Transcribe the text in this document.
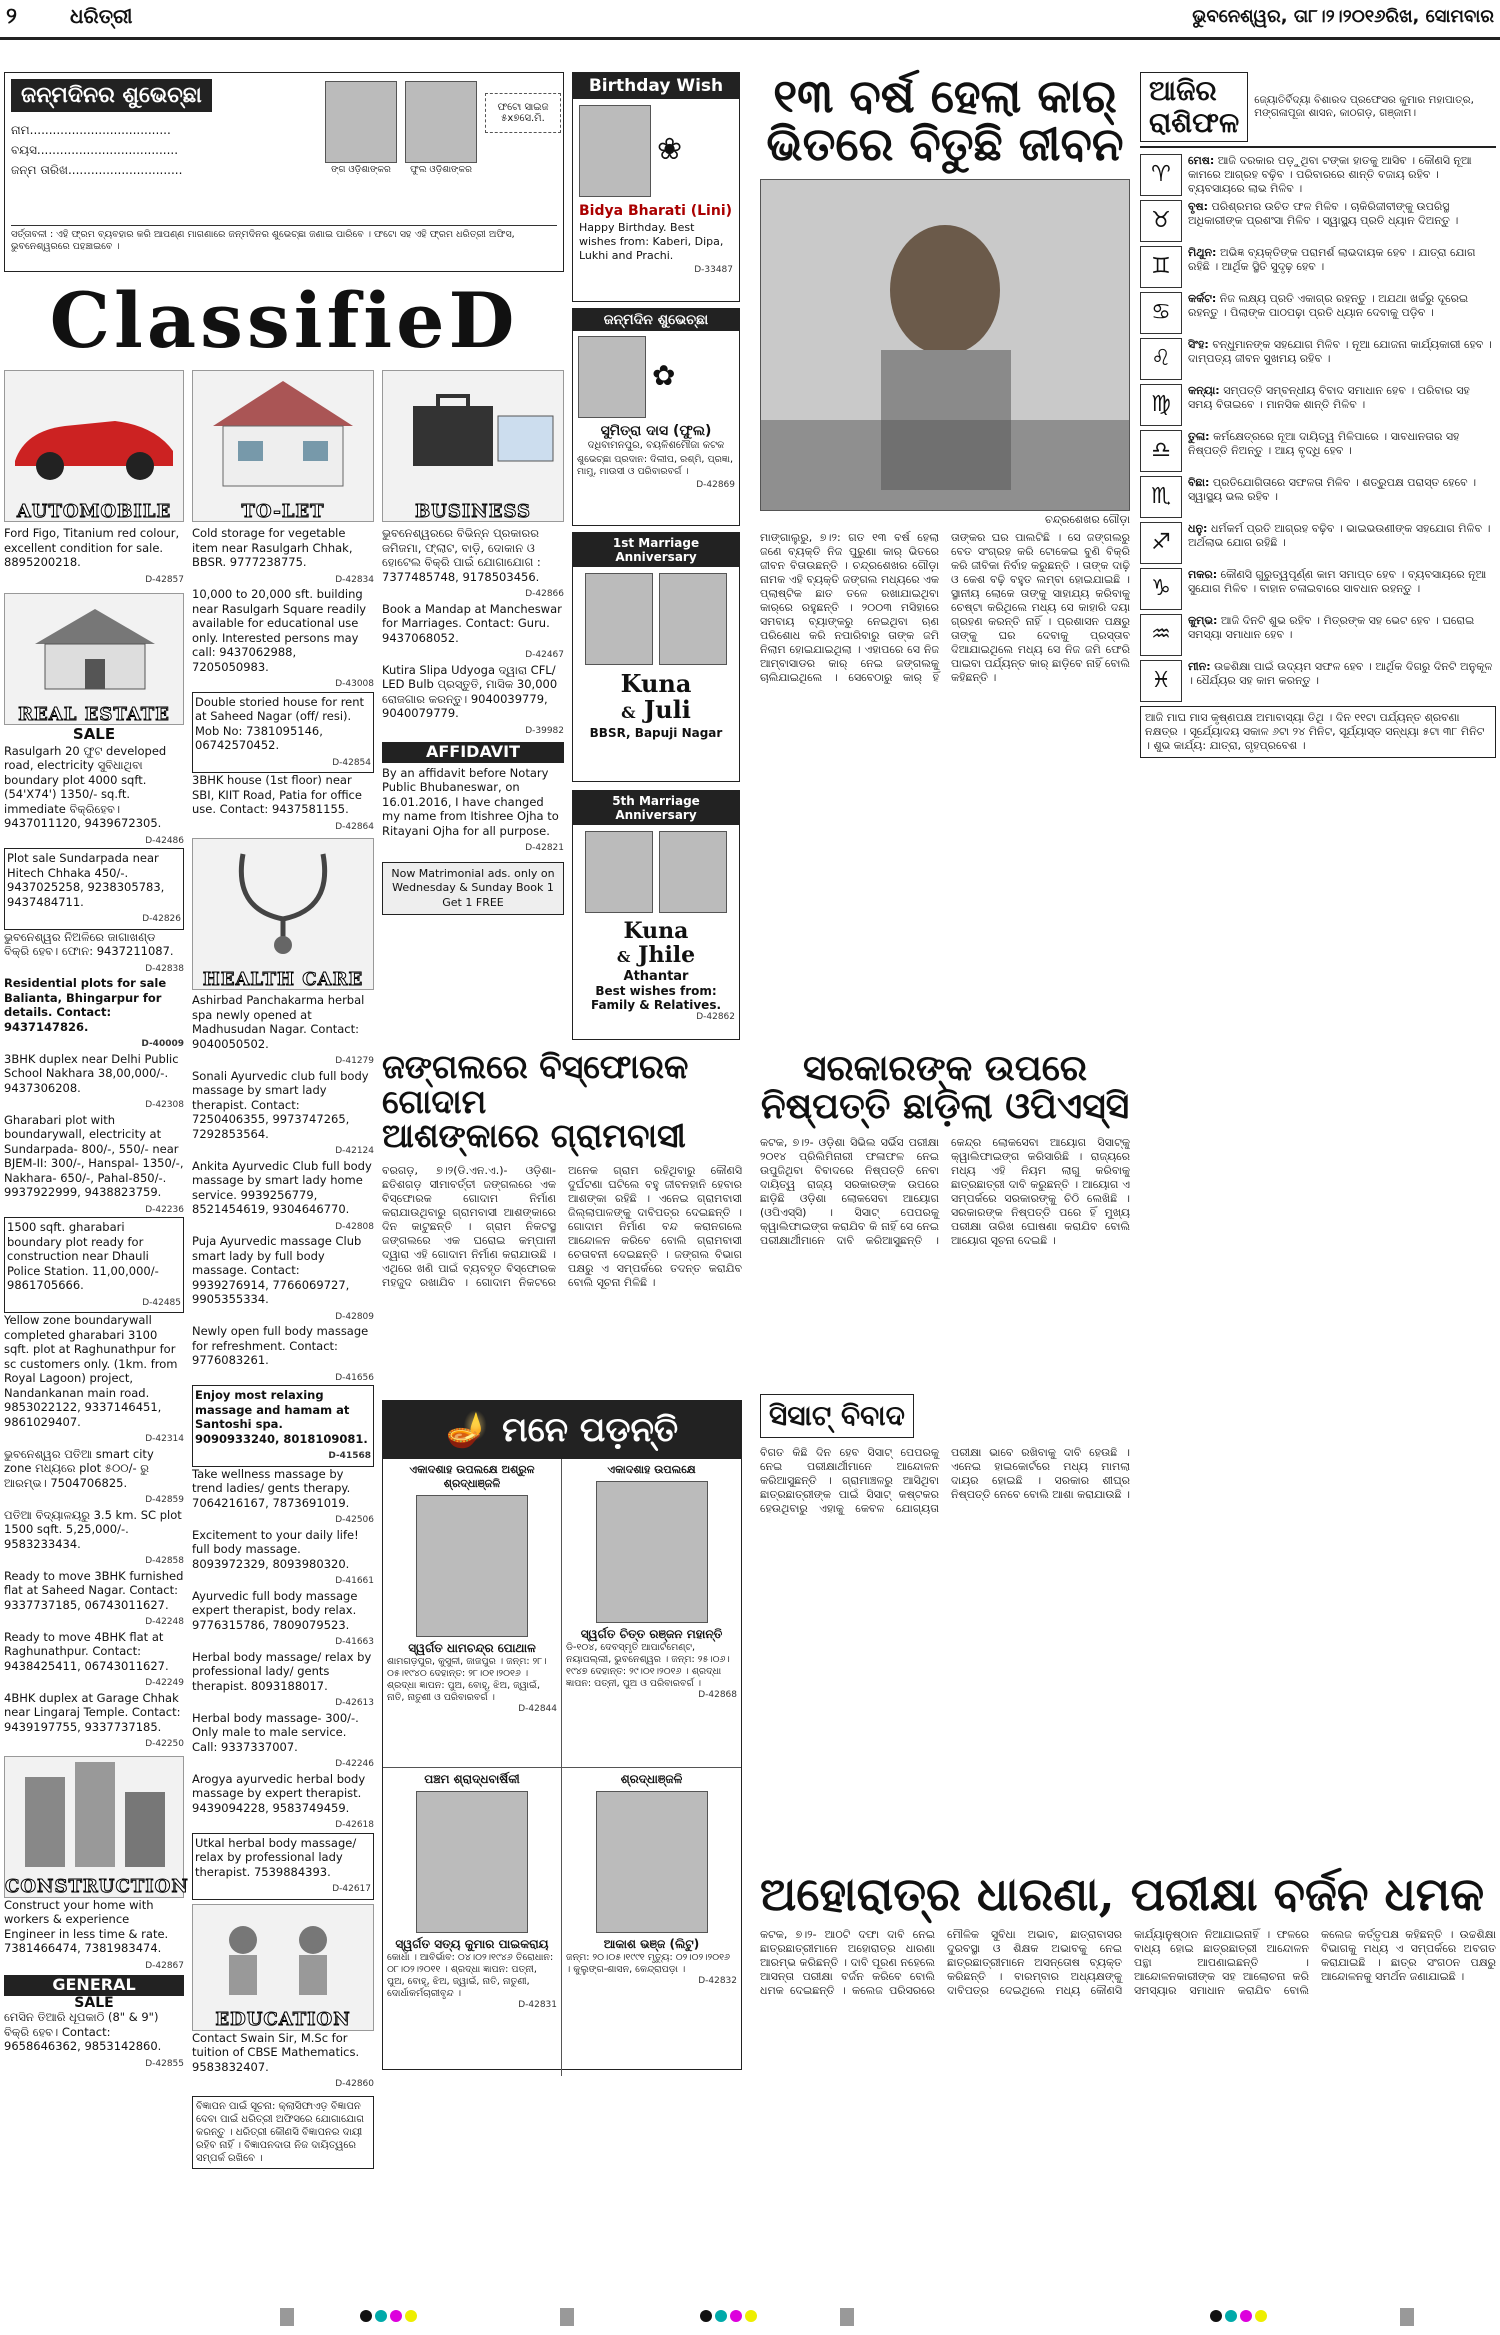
୨	ଧରିତ୍ରୀ	ଭୁବନେଶ୍ୱର, ତା୮।୨।୨୦୧୬ରିଖ, ସୋମବାର
ଜନ୍ମଦିନର ଶୁଭେଚ୍ଛା
ନାମ.....................................
ବୟସ.....................................
ଜନ୍ମ ତାରିଖ..............................	ଙ୍ଗ ଓଡ଼ିଶାଙ୍କର	ଫୁଲ ଓଡ଼ିଶାଙ୍କର
ଫଟୋ ସାଇଜ ୫x୭ସେ.ମି.
ସର୍ତ୍ତାବଳୀ : ଏହି ଫ୍ରମ ବ୍ୟବହାର କରି ଆପଣ୍ଣ ମାଗଣାରେ ଜନ୍ମଦିନର ଶୁଭେଚ୍ଛା ଜଣାଇ ପାରିବେ । ଫଟୋ ସହ ଏହି ଫ୍ରମ ଧରିତ୍ରୀ ଅଫିସ, ଭୁବନେଶ୍ୱରରେ ପହଞ୍ଚାଇବେ ।
ClassifieD
AUTOMOBILE

Ford Figo, Titanium red colour, excellent condition for sale. 8895200218.

D-42857
REAL ESTATE
SALE

Rasulgarh 20 ଫୁଟ developed road, electricity ସୁବିଧାଥିବା boundary plot 4000 sqft. (54'X74') 1350/- sq.ft. immediate ବିକ୍ରିହେବ। 9437011120, 9439672305.

D-42486

Plot sale Sundarpada near Hitech Chhaka 450/-. 9437025258, 9238305783, 9437484711.

D-42826

ଭୁବନେଶ୍ୱର ନିଅଳିରେ ଜାଗାଖଣ୍ଡ ବିକ୍ରି ହେବ। ଫୋନ: 9437211087.

D-42838

Residential plots for sale Balianta, Bhingarpur for details. Contact: 9437147826.

D-40009

3BHK duplex near Delhi Public School Nakhara 38,00,000/-. 9437306208.

D-42308

Gharabari plot with boundarywall, electricity at Sundarpada- 800/-, 550/- near BJEM-II: 300/-, Hanspal- 1350/-, Nakhara- 650/-, Pahal-850/-. 9937922999, 9438823759.

D-42236

1500 sqft. gharabari boundary plot ready for construction near Dhauli Police Station. 11,00,000/- 9861705666.

D-42485

Yellow zone boundarywall completed gharabari 3100 sqft. plot at Raghunathpur for sc customers only. (1km. from Royal Lagoon) project, Nandankanan main road. 9853022122, 9337146451, 9861029407.

D-42314

ଭୁବନେଶ୍ୱର ପତିଆ smart city zone ମଧ୍ୟରେ plot ୫୦୦/- ରୁ ଆରମ୍ଭ। 7504706825.

D-42859

ପତିଆ ବିଦ୍ୟାଳୟରୁ 3.5 km. SC plot 1500 sqft. 5,25,000/-. 9583233434.

D-42858

Ready to move 3BHK furnished flat at Saheed Nagar. Contact: 9337737185, 06743011627.

D-42248

Ready to move 4BHK flat at Raghunathpur. Contact: 9438425411, 06743011627.

D-42249

4BHK duplex at Garage Chhak near Lingaraj Temple. Contact: 9439197755, 9337737185.

D-42250
CONSTRUCTION

Construct your home with workers & experience Engineer in less time & rate. 7381466474, 7381983474.

D-42867
GENERAL
SALE

ମେସିନ ତିଆରି ଧୂପକାଠି (8" & 9") ବିକ୍ରି ହେବ। Contact: 9658646362, 9853142860.

D-42855
TO-LET

Cold storage for vegetable item near Rasulgarh Chhak, BBSR. 9777238775.

D-42834

10,000 to 20,000 sft. building near Rasulgarh Square readily available for educational use only. Interested persons may call: 9437062988, 7205050983.

D-43008

Double storied house for rent at Saheed Nagar (off/ resi). Mob No: 7381095146, 06742570452.

D-42854

3BHK house (1st floor) near SBI, KIIT Road, Patia for office use. Contact: 9437581155.

D-42864
HEALTH CARE

Ashirbad Panchakarma herbal spa newly opened at Madhusudan Nagar. Contact: 9040050502.

D-41279

Sonali Ayurvedic club full body massage by smart lady therapist. Contact: 7250406355, 9973747265, 7292853564.

D-42124

Ankita Ayurvedic Club full body massage by smart lady home service. 9939256779, 8521454619, 9304646770.

D-42808

Puja Ayurvedic massage Club smart lady by full body massage. Contact: 9939276914, 7766069727, 9905355334.

D-42809

Newly open full body massage for refreshment. Contact: 9776083261.

D-41656

Enjoy most relaxing massage and hamam at Santoshi spa. 9090933240, 8018109081.

D-41568

Take wellness massage by trend ladies/ gents therapy. 7064216167, 7873691019.

D-42506

Excitement to your daily life! full body massage. 8093972329, 8093980320.

D-41661

Ayurvedic full body massage expert therapist, body relax. 9776315786, 7809079523.

D-41663

Herbal body massage/ relax by professional lady/ gents therapist. 8093188017.

D-42613

Herbal body massage- 300/-. Only male to male service. Call: 9337337007.

D-42246

Arogya ayurvedic herbal body massage by expert therapist. 9439094228, 9583749459.

D-42618

Utkal herbal body massage/ relax by professional lady therapist. 7539884393.

D-42617
EDUCATION

Contact Swain Sir, M.Sc for tuition of CBSE Mathematics. 9583832407.

D-42860
ବିଜ୍ଞାପନ ପାଇଁ ସୂଚନା: କ୍ଲାସିଫାଏଡ଼ ବିଜ୍ଞାପନ ଦେବା ପାଇଁ ଧରିତ୍ରୀ ଅଫିସରେ ଯୋଗାଯୋଗ କରନ୍ତୁ । ଧରିତ୍ରୀ କୌଣସି ବିଜ୍ଞାପନର ଦାୟୀ ରହିବ ନାହିଁ । ବିଜ୍ଞାପନଦାତା ନିଜ ଦାୟିତ୍ୱରେ ସମ୍ପର୍କ ରଖିବେ ।
BUSINESS

ଭୁବନେଶ୍ୱରରେ ବିଭିନ୍ନ ପ୍ରକାରର ଜମିଜମା, ଫ୍ଲାଟ, ବାଡ଼ି, ଦୋକାନ ଓ ହୋଟେଲ ବିକ୍ରି ପାଇଁ ଯୋଗାଯୋଗ : 7377485748, 9178503456.

D-42866

Book a Mandap at Mancheswar for Marriages. Contact: Guru. 9437068052.

D-42467

Kutira Slipa Udyoga ଦ୍ୱାରା CFL/ LED Bulb ପ୍ରସ୍ତୁତି, ମାସିକ 30,000 ରୋଜଗାର କରନ୍ତୁ। 9040039779, 9040079779.

D-39982
AFFIDAVIT

By an affidavit before Notary Public Bhubaneswar, on 16.01.2016, I have changed my name from Itishree Ojha to Ritayani Ojha for all purpose.

D-42821
Now Matrimonial ads. only on Wednesday & Sunday Book 1 Get 1 FREE
Birthday Wish
❀
Bidya Bharati (Lini)
Happy Birthday. Best wishes from: Kaberi, Dipa, Lukhi and Prachi.
D-33487
ଜନ୍ମଦିନ ଶୁଭେଚ୍ଛା
✿
ସୁମିତ୍ରା ଦାସ (ଫୁଲ)
ଦଧିବାମନପୁର, ବୟଳିଶମୌଜା କଟକ
ଶୁଭେଚ୍ଛା ପ୍ରଦାନ: ଦିଲୀପ, ରଶ୍ମି, ପ୍ରଜ୍ଞା, ମାମୁ, ମାଉସୀ ଓ ପରିବାରବର୍ଗ ।
D-42869
1st Marriage Anniversary
Kuna
& Juli
BBSR, Bapuji Nagar
5th Marriage Anniversary
Kuna
& Jhile
Athantar
Best wishes from: Family & Relatives.
D-42862
୧୩ ବର୍ଷ ହେଲା କାର୍ ଭିତରେ ବିତୁଛି ଜୀବନ
ଚନ୍ଦ୍ରଶେଖର ଗୌଡ଼ା
ମାଙ୍ଗାଲୁରୁ, ୭।୨: ଗତ ୧୩ ବର୍ଷ ହେଲା ଜଣେ ବ୍ୟକ୍ତି ନିଜ ପୁରୁଣା କାର୍ ଭିତରେ ଜୀବନ ବିତାଉଛନ୍ତି । ଚନ୍ଦ୍ରଶେଖର ଗୌଡ଼ା ନାମକ ଏହି ବ୍ୟକ୍ତି ଜଙ୍ଗଲ ମଧ୍ୟରେ ଏକ ପ୍ଲାଷ୍ଟିକ ଛାତ ତଳେ ରଖାଯାଇଥିବା କାର୍‌ରେ ରହୁଛନ୍ତି । ୨୦୦୩ ମସିହାରେ ସମବାୟ ବ୍ୟାଙ୍କରୁ ନେଇଥିବା ଋଣ ପରିଶୋଧ କରି ନପାରିବାରୁ ତାଙ୍କ ଜମି ନିଲାମ ହୋଇଯାଇଥିଲା । ଏହାପରେ ସେ ନିଜ ଆମ୍ବାସାଡର କାର୍ ନେଇ ଜଙ୍ଗଲକୁ ଚାଲିଯାଇଥିଲେ । ସେବେଠାରୁ କାର୍ ହିଁ ତାଙ୍କର ଘର ପାଲଟିଛି । ସେ ଜଙ୍ଗଲରୁ ବେତ ସଂଗ୍ରହ କରି ଟୋକେଇ ବୁଣି ବିକ୍ରି କରି ଜୀବିକା ନିର୍ବାହ କରୁଛନ୍ତି । ତାଙ୍କ ଦାଢ଼ି ଓ କେଶ ବଢ଼ି ବହୁତ ଲମ୍ବା ହୋଇଯାଇଛି । ସ୍ଥାନୀୟ ଲୋକେ ତାଙ୍କୁ ସାହାଯ୍ୟ କରିବାକୁ ଚେଷ୍ଟା କରିଥିଲେ ମଧ୍ୟ ସେ କାହାରି ଦୟା ଗ୍ରହଣ କରନ୍ତି ନାହିଁ । ପ୍ରଶାସନ ପକ୍ଷରୁ ତାଙ୍କୁ ଘର ଦେବାକୁ ପ୍ରସ୍ତାବ ଦିଆଯାଇଥିଲେ ମଧ୍ୟ ସେ ନିଜ ଜମି ଫେରି ପାଇବା ପର୍ଯ୍ୟନ୍ତ କାର୍ ଛାଡ଼ିବେ ନାହିଁ ବୋଲି କହିଛନ୍ତି ।
ଆଜିର ରାଶିଫଳ
ଜ୍ୟୋତିର୍ବିଦ୍ୟା ବିଶାରଦ ପ୍ରଫେସର କୁମାର ମହାପାତ୍ର, ମଙ୍ଗଳାପୂଜା ଶାସନ, କାଠଗଡ଼, ଗଞ୍ଜାମ।
♈
ମେଷ: ଆଜି ଦରକାର ପଡ଼ୁଥିବା ଟଙ୍କା ହାତକୁ ଆସିବ । କୌଣସି ନୂଆ କାମରେ ଆଗ୍ରହ ବଢ଼ିବ । ପରିବାରରେ ଶାନ୍ତି ବଜାୟ ରହିବ । ବ୍ୟବସାୟରେ ଲାଭ ମିଳିବ ।
♉
ବୃଷ: ପରିଶ୍ରମର ଉଚିତ ଫଳ ମିଳିବ । ଚାକିରିଜୀବୀଙ୍କୁ ଉପରିସ୍ଥ ଅଧିକାରୀଙ୍କ ପ୍ରଶଂସା ମିଳିବ । ସ୍ୱାସ୍ଥ୍ୟ ପ୍ରତି ଧ୍ୟାନ ଦିଅନ୍ତୁ ।
♊
ମିଥୁନ: ଅଭିଜ୍ଞ ବ୍ୟକ୍ତିଙ୍କ ପରାମର୍ଶ ଲାଭଦାୟକ ହେବ । ଯାତ୍ରା ଯୋଗ ରହିଛି । ଆର୍ଥିକ ସ୍ଥିତି ସୁଦୃଢ଼ ହେବ ।
♋
କର୍କଟ: ନିଜ ଲକ୍ଷ୍ୟ ପ୍ରତି ଏକାଗ୍ର ରହନ୍ତୁ । ଅଯଥା ଖର୍ଚ୍ଚରୁ ଦୂରେଇ ରହନ୍ତୁ । ପିଲାଙ୍କ ପାଠପଢ଼ା ପ୍ରତି ଧ୍ୟାନ ଦେବାକୁ ପଡ଼ିବ ।
♌
ସିଂହ: ବନ୍ଧୁମାନଙ୍କ ସହଯୋଗ ମିଳିବ । ନୂଆ ଯୋଜନା କାର୍ଯ୍ୟକାରୀ ହେବ । ଦାମ୍ପତ୍ୟ ଜୀବନ ସୁଖମୟ ରହିବ ।
♍
କନ୍ୟା: ସମ୍ପତ୍ତି ସମ୍ବନ୍ଧୀୟ ବିବାଦ ସମାଧାନ ହେବ । ପରିବାର ସହ ସମୟ ବିତାଇବେ । ମାନସିକ ଶାନ୍ତି ମିଳିବ ।
♎
ତୁଳା: କର୍ମକ୍ଷେତ୍ରରେ ନୂଆ ଦାୟିତ୍ୱ ମିଳିପାରେ । ସାବଧାନତାର ସହ ନିଷ୍ପତ୍ତି ନିଅନ୍ତୁ । ଆୟ ବୃଦ୍ଧି ହେବ ।
♏
ବିଛା: ପ୍ରତିଯୋଗିତାରେ ସଫଳତା ମିଳିବ । ଶତ୍ରୁପକ୍ଷ ପରାସ୍ତ ହେବେ । ସ୍ୱାସ୍ଥ୍ୟ ଭଲ ରହିବ ।
♐
ଧନୁ: ଧର୍ମକର୍ମ ପ୍ରତି ଆଗ୍ରହ ବଢ଼ିବ । ଭାଇଭଉଣୀଙ୍କ ସହଯୋଗ ମିଳିବ । ଅର୍ଥଲାଭ ଯୋଗ ରହିଛି ।
♑
ମକର: କୌଣସି ଗୁରୁତ୍ୱପୂର୍ଣ୍ଣ କାମ ସମାପ୍ତ ହେବ । ବ୍ୟବସାୟରେ ନୂଆ ସୁଯୋଗ ମିଳିବ । ବାହାନ ଚଳାଇବାରେ ସାବଧାନ ରହନ୍ତୁ ।
♒
କୁମ୍ଭ: ଆଜି ଦିନଟି ଶୁଭ ରହିବ । ମିତ୍ରଙ୍କ ସହ ଭେଟ ହେବ । ଘରୋଇ ସମସ୍ୟା ସମାଧାନ ହେବ ।
♓
ମୀନ: ଉଚ୍ଚଶିକ୍ଷା ପାଇଁ ଉଦ୍ୟମ ସଫଳ ହେବ । ଆର୍ଥିକ ଦିଗରୁ ଦିନଟି ଅନୁକୂଳ । ଧୈର୍ଯ୍ୟର ସହ କାମ କରନ୍ତୁ ।
ଆଜି ମାଘ ମାସ କୃଷ୍ଣପକ୍ଷ ଅମାବାସ୍ୟା ତିଥି । ଦିନ ୧୧ଟା ପର୍ଯ୍ୟନ୍ତ ଶ୍ରବଣା ନକ୍ଷତ୍ର । ସୂର୍ଯ୍ୟୋଦୟ ସକାଳ ୬ଟା ୨୪ ମିନିଟ, ସୂର୍ଯ୍ୟାସ୍ତ ସନ୍ଧ୍ୟା ୫ଟା ୩୮ ମିନିଟ । ଶୁଭ କାର୍ଯ୍ୟ: ଯାତ୍ରା, ଗୃହପ୍ରବେଶ ।
ଜଙ୍ଗଲରେ ବିସ୍ଫୋରକ ଗୋଦାମ
ଆଶଙ୍କାରେ ଗ୍ରାମବାସୀ
ବରଗଡ଼, ୭।୨(ଡି.ଏନ.ଏ.)- ଓଡ଼ିଶା-ଛତିଶଗଡ଼ ସୀମାବର୍ତ୍ତୀ ଜଙ୍ଗଲରେ ଏକ ବିସ୍ଫୋରକ ଗୋଦାମ ନିର୍ମାଣ କରାଯାଉଥିବାରୁ ଗ୍ରାମବାସୀ ଆଶଙ୍କାରେ ଦିନ କାଟୁଛନ୍ତି । ଗ୍ରାମ ନିକଟସ୍ଥ ଜଙ୍ଗଲରେ ଏକ ଘରୋଇ କମ୍ପାନୀ ଦ୍ୱାରା ଏହି ଗୋଦାମ ନିର୍ମାଣ କରାଯାଉଛି । ଏଥିରେ ଖଣି ପାଇଁ ବ୍ୟବହୃତ ବିସ୍ଫୋରକ ମହଜୁଦ ରଖାଯିବ । ଗୋଦାମ ନିକଟରେ ଅନେକ ଗ୍ରାମ ରହିଥିବାରୁ କୌଣସି ଦୁର୍ଘଟଣା ଘଟିଲେ ବହୁ ଜୀବନହାନି ହେବାର ଆଶଙ୍କା ରହିଛି । ଏନେଇ ଗ୍ରାମବାସୀ ଜିଲ୍ଲାପାଳଙ୍କୁ ଦାବିପତ୍ର ଦେଇଛନ୍ତି । ଗୋଦାମ ନିର୍ମାଣ ବନ୍ଦ କରାନଗଲେ ଆନ୍ଦୋଳନ କରିବେ ବୋଲି ଗ୍ରାମବାସୀ ଚେତାବନୀ ଦେଇଛନ୍ତି । ଜଙ୍ଗଲ ବିଭାଗ ପକ୍ଷରୁ ଏ ସମ୍ପର୍କରେ ତଦନ୍ତ କରାଯିବ ବୋଲି ସୂଚନା ମିଳିଛି ।
ସରକାରଙ୍କ ଉପରେ
ନିଷ୍ପତ୍ତି ଛାଡ଼ିଲା ଓପିଏସ୍‌ସି
କଟକ, ୭।୨- ଓଡ଼ିଶା ସିଭିଲ ସର୍ଭିସ ପରୀକ୍ଷା ୨୦୧୪ ପ୍ରିଲିମିନାରୀ ଫଳାଫଳ ନେଇ ଉପୁଜିଥିବା ବିବାଦରେ ନିଷ୍ପତ୍ତି ନେବା ଦାୟିତ୍ୱ ରାଜ୍ୟ ସରକାରଙ୍କ ଉପରେ ଛାଡ଼ିଛି ଓଡ଼ିଶା ଲୋକସେବା ଆୟୋଗ (ଓପିଏସ୍‌ସି) । ସିସାଟ୍ ପେପରକୁ କ୍ୱାଲିଫାଇଙ୍ଗ କରାଯିବ କି ନାହିଁ ସେ ନେଇ ପରୀକ୍ଷାର୍ଥୀମାନେ ଦାବି କରିଆସୁଛନ୍ତି । କେନ୍ଦ୍ର ଲୋକସେବା ଆୟୋଗ ସିସାଟ୍‌କୁ କ୍ୱାଲିଫାଇଙ୍ଗ କରିସାରିଛି । ରାଜ୍ୟରେ ମଧ୍ୟ ଏହି ନିୟମ ଲାଗୁ କରିବାକୁ ଛାତ୍ରଛାତ୍ରୀ ଦାବି କରୁଛନ୍ତି । ଆୟୋଗ ଏ ସମ୍ପର୍କରେ ସରକାରଙ୍କୁ ଚିଠି ଲେଖିଛି । ସରକାରଙ୍କ ନିଷ୍ପତ୍ତି ପରେ ହିଁ ମୁଖ୍ୟ ପରୀକ୍ଷା ତାରିଖ ଘୋଷଣା କରାଯିବ ବୋଲି ଆୟୋଗ ସୂଚନା ଦେଇଛି ।
ସିସାଟ୍ ବିବାଦ
ବିଗତ କିଛି ଦିନ ହେବ ସିସାଟ୍ ପେପରକୁ ନେଇ ପରୀକ୍ଷାର୍ଥୀମାନେ ଆନ୍ଦୋଳନ କରିଆସୁଛନ୍ତି । ଗ୍ରାମାଞ୍ଚଳରୁ ଆସିଥିବା ଛାତ୍ରଛାତ୍ରୀଙ୍କ ପାଇଁ ସିସାଟ୍ କଷ୍ଟକର ହେଉଥିବାରୁ ଏହାକୁ କେବଳ ଯୋଗ୍ୟତା ପରୀକ୍ଷା ଭାବେ ରଖିବାକୁ ଦାବି ହେଉଛି । ଏନେଇ ହାଇକୋର୍ଟରେ ମଧ୍ୟ ମାମଲା ଦାୟର ହୋଇଛି । ସରକାର ଶୀଘ୍ର ନିଷ୍ପତ୍ତି ନେବେ ବୋଲି ଆଶା କରାଯାଉଛି ।
🪔 ମନେ ପଡ଼ନ୍ତି
ଏକାଦଶାହ ଉପଲକ୍ଷେ ଅଶ୍ରୁଳ ଶ୍ରଦ୍ଧାଞ୍ଜଳି
ସ୍ୱର୍ଗତ ଧାମଚନ୍ଦ୍ର ପୋଥାଳ
ଶାମଗଡ଼ପୁର, କୁସୁଳୀ, ଜାଜପୁର । ଜନ୍ମ: ୨୮।୦୫।୧୯୪୦ ଦେହାନ୍ତ: ୨୮।୦୧।୨୦୧୬ । ଶ୍ରଦ୍ଧା ଜ୍ଞାପନ: ପୁଅ, ବୋହୂ, ଝିଅ, ଜ୍ୱାଇଁ, ନାତି, ନାତୁଣୀ ଓ ପରିବାରବର୍ଗ ।
D-42844
ଏକାଦଶାହ ଉପଲକ୍ଷେ
ସ୍ୱର୍ଗତ ଚିତ୍ତ ରଞ୍ଜନ ମହାନ୍ତି
ଡି-୧୦୪, ଦେବସ୍ମୃତି ଆପାର୍ଟମେଣ୍ଟ, ନୟାପଲ୍ଲୀ, ଭୁବନେଶ୍ୱର । ଜନ୍ମ: ୨୫।୦୬।୧୯୪୭ ଦେହାନ୍ତ: ୨୯।୦୧।୨୦୧୬ । ଶ୍ରଦ୍ଧା ଜ୍ଞାପନ: ପତ୍ନୀ, ପୁଅ ଓ ପରିବାରବର୍ଗ ।
D-42868
ପଞ୍ଚମ ଶ୍ରାଦ୍ଧବାର୍ଷିକୀ
ସ୍ୱର୍ଗତ ସତ୍ୟ କୁମାର ପାଇକରାୟ
କୋର୍ଧା । ଆବିର୍ଭାବ: ୦୪।୦୨।୧୯୪୬ ତିରୋଧାନ: ୦୮।୦୨।୨୦୧୧ । ଶ୍ରଦ୍ଧା ଜ୍ଞାପନ: ପତ୍ନୀ, ପୁଅ, ବୋହୂ, ଝିଅ, ଜ୍ୱାଇଁ, ନାତି, ନାତୁଣୀ, ଦୋର୍ଧାକର୍ମଚାରୀବୃନ୍ଦ ।
D-42831
ଶ୍ରଦ୍ଧାଞ୍ଜଳି
ଆକାଶ ଭଞ୍ଜ (ଲିଟୁ)
ଜନ୍ମ: ୨୦।୦୫।୧୯୯୧ ମୃତ୍ୟୁ: ୦୨।୦୨।୨୦୧୬ । କୁଲୁଙ୍ଗ-ଶାସନ, କେନ୍ଦ୍ରାପଡ଼ା ।
D-42832
ଅହୋରାତ୍ର ଧାରଣା, ପରୀକ୍ଷା ବର୍ଜନ ଧମକ
କଟକ, ୭।୨- ଆଠଟି ଦଫା ଦାବି ନେଇ ଛାତ୍ରଛାତ୍ରୀମାନେ ଅହୋରାତ୍ର ଧାରଣା ଆରମ୍ଭ କରିଛନ୍ତି । ଦାବି ପୂରଣ ନହେଲେ ଆସନ୍ତା ପରୀକ୍ଷା ବର୍ଜନ କରିବେ ବୋଲି ଧମକ ଦେଇଛନ୍ତି । କଲେଜ ପରିସରରେ ମୌଳିକ ସୁବିଧା ଅଭାବ, ଛାତ୍ରାବାସର ଦୁରବସ୍ଥା ଓ ଶିକ୍ଷକ ଅଭାବକୁ ନେଇ ଛାତ୍ରଛାତ୍ରୀମାନେ ଅସନ୍ତୋଷ ବ୍ୟକ୍ତ କରିଛନ୍ତି । ବାରମ୍ବାର ଅଧ୍ୟକ୍ଷଙ୍କୁ ଦାବିପତ୍ର ଦେଇଥିଲେ ମଧ୍ୟ କୌଣସି କାର୍ଯ୍ୟାନୁଷ୍ଠାନ ନିଆଯାଇନାହିଁ । ଫଳରେ ବାଧ୍ୟ ହୋଇ ଛାତ୍ରଛାତ୍ରୀ ଆନ୍ଦୋଳନ ପନ୍ଥା ଆପଣାଇଛନ୍ତି । ଆନ୍ଦୋଳନକାରୀଙ୍କ ସହ ଆଲୋଚନା କରି ସମସ୍ୟାର ସମାଧାନ କରାଯିବ ବୋଲି କଲେଜ କର୍ତ୍ତୃପକ୍ଷ କହିଛନ୍ତି । ଉଚ୍ଚଶିକ୍ଷା ବିଭାଗକୁ ମଧ୍ୟ ଏ ସମ୍ପର୍କରେ ଅବଗତ କରାଯାଇଛି । ଛାତ୍ର ସଂଗଠନ ପକ୍ଷରୁ ଆନ୍ଦୋଳନକୁ ସମର୍ଥନ ଜଣାଯାଇଛି ।
